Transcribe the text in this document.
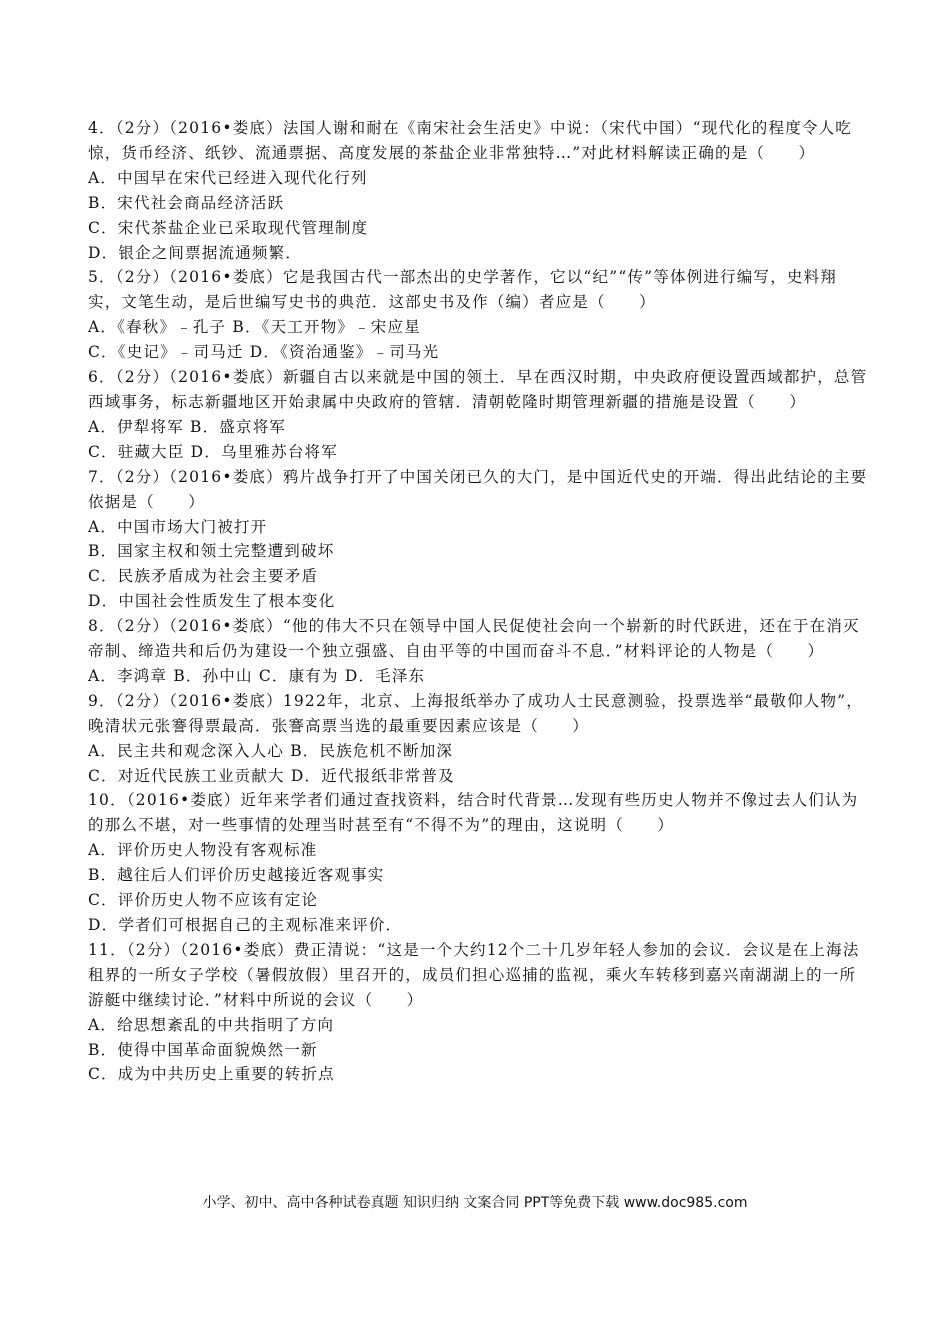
4．（2分）（2016•娄底）法国人谢和耐在《南宋社会生活史》中说：（宋代中国）“现代化的程度令人吃惊，货币经济、纸钞、流通票据、高度发展的茶盐企业非常独特…”对此材料解读正确的是（　　）
A．中国早在宋代已经进入现代化行列
B．宋代社会商品经济活跃
C．宋代茶盐企业已采取现代管理制度
D．银企之间票据流通频繁．
5．（2分）（2016•娄底）它是我国古代一部杰出的史学著作，它以“纪”“传”等体例进行编写，史料翔实，文笔生动，是后世编写史书的典范．这部史书及作（编）者应是（　　）
A．《春秋》﹣孔子 B．《天工开物》﹣宋应星
C．《史记》﹣司马迁 D．《资治通鉴》﹣司马光
6．（2分）（2016•娄底）新疆自古以来就是中国的领土．早在西汉时期，中央政府便设置西域都护，总管西域事务，标志新疆地区开始隶属中央政府的管辖．清朝乾隆时期管理新疆的措施是设置（　　）
A．伊犁将军 B．盛京将军
C．驻藏大臣 D．乌里雅苏台将军
7．（2分）（2016•娄底）鸦片战争打开了中国关闭已久的大门，是中国近代史的开端．得出此结论的主要依据是（　　）
A．中国市场大门被打开
B．国家主权和领土完整遭到破坏
C．民族矛盾成为社会主要矛盾
D．中国社会性质发生了根本变化
8．（2分）（2016•娄底）“他的伟大不只在领导中国人民促使社会向一个崭新的时代跃进，还在于在消灭帝制、缔造共和后仍为建设一个独立强盛、自由平等的中国而奋斗不息．”材料评论的人物是（　　）
A．李鸿章 B．孙中山 C．康有为 D．毛泽东
9．（2分）（2016•娄底）1922年，北京、上海报纸举办了成功人士民意测验，投票选举“最敬仰人物”，晚清状元张謇得票最高．张謇高票当选的最重要因素应该是（　　）
A．民主共和观念深入人心 B．民族危机不断加深
C．对近代民族工业贡献大 D．近代报纸非常普及
10．（2016•娄底）近年来学者们通过查找资料，结合时代背景…发现有些历史人物并不像过去人们认为的那么不堪，对一些事情的处理当时甚至有“不得不为”的理由，这说明（　　）
A．评价历史人物没有客观标准
B．越往后人们评价历史越接近客观事实
C．评价历史人物不应该有定论
D．学者们可根据自己的主观标准来评价．
11．（2分）（2016•娄底）费正清说：“这是一个大约12个二十几岁年轻人参加的会议．会议是在上海法租界的一所女子学校（暑假放假）里召开的，成员们担心巡捕的监视，乘火车转移到嘉兴南湖湖上的一所游艇中继续讨论．”材料中所说的会议（　　）
A．给思想紊乱的中共指明了方向
B．使得中国革命面貌焕然一新
C．成为中共历史上重要的转折点
小学、初中、高中各种试卷真题 知识归纳 文案合同 PPT等免费下载 www.doc985.com
